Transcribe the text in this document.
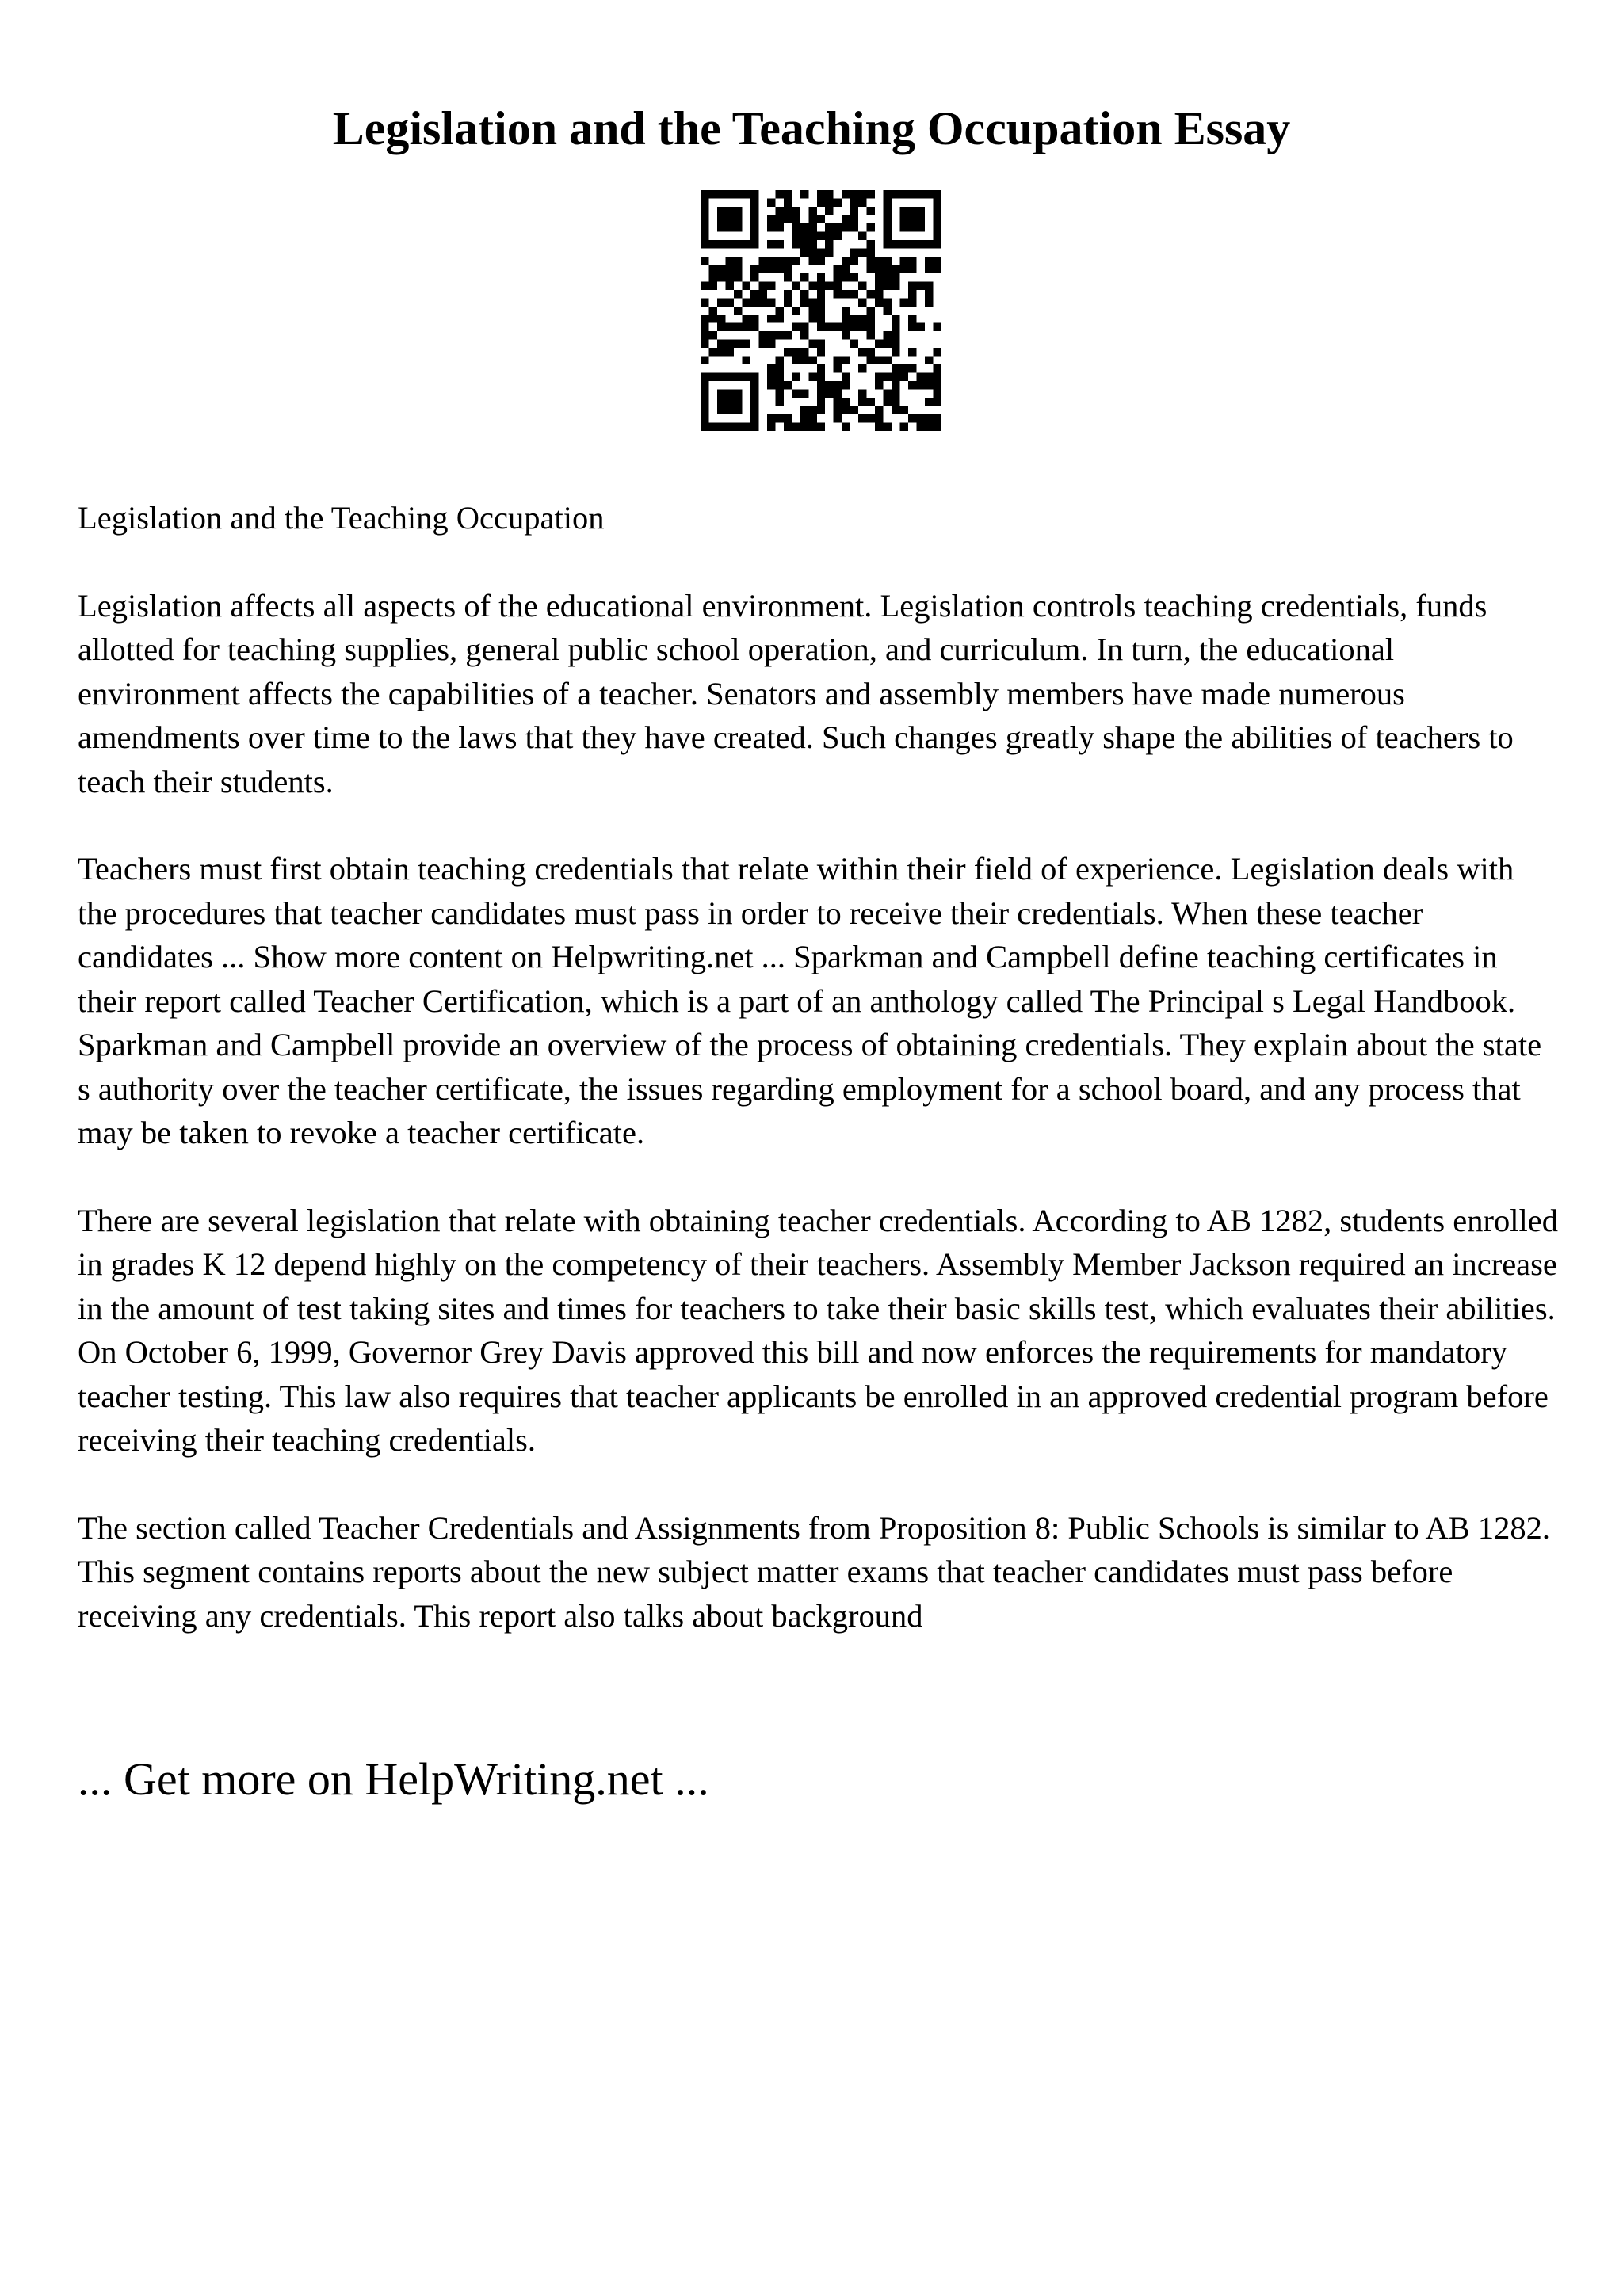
Legislation and the Teaching Occupation Essay

Legislation and the Teaching Occupation

Legislation affects all aspects of the educational environment. Legislation controls teaching credentials, funds allotted for teaching supplies, general public school operation, and curriculum. In turn, the educational environment affects the capabilities of a teacher. Senators and assembly members have made numerous amendments over time to the laws that they have created. Such changes greatly shape the abilities of teachers to teach their students.

Teachers must first obtain teaching credentials that relate within their field of experience. Legislation deals with the procedures that teacher candidates must pass in order to receive their credentials. When these teacher candidates ... Show more content on Helpwriting.net ... Sparkman and Campbell define teaching certificates in their report called Teacher Certification, which is a part of an anthology called The Principal s Legal Handbook. Sparkman and Campbell provide an overview of the process of obtaining credentials. They explain about the state s authority over the teacher certificate, the issues regarding employment for a school board, and any process that may be taken to revoke a teacher certificate.

There are several legislation that relate with obtaining teacher credentials. According to AB 1282, students enrolled in grades K 12 depend highly on the competency of their teachers. Assembly Member Jackson required an increase in the amount of test taking sites and times for teachers to take their basic skills test, which evaluates their abilities. On October 6, 1999, Governor Grey Davis approved this bill and now enforces the requirements for mandatory teacher testing. This law also requires that teacher applicants be enrolled in an approved credential program before receiving their teaching credentials.

The section called Teacher Credentials and Assignments from Proposition 8: Public Schools is similar to AB 1282. This segment contains reports about the new subject matter exams that teacher candidates must pass before receiving any credentials. This report also talks about background

... Get more on HelpWriting.net ...
